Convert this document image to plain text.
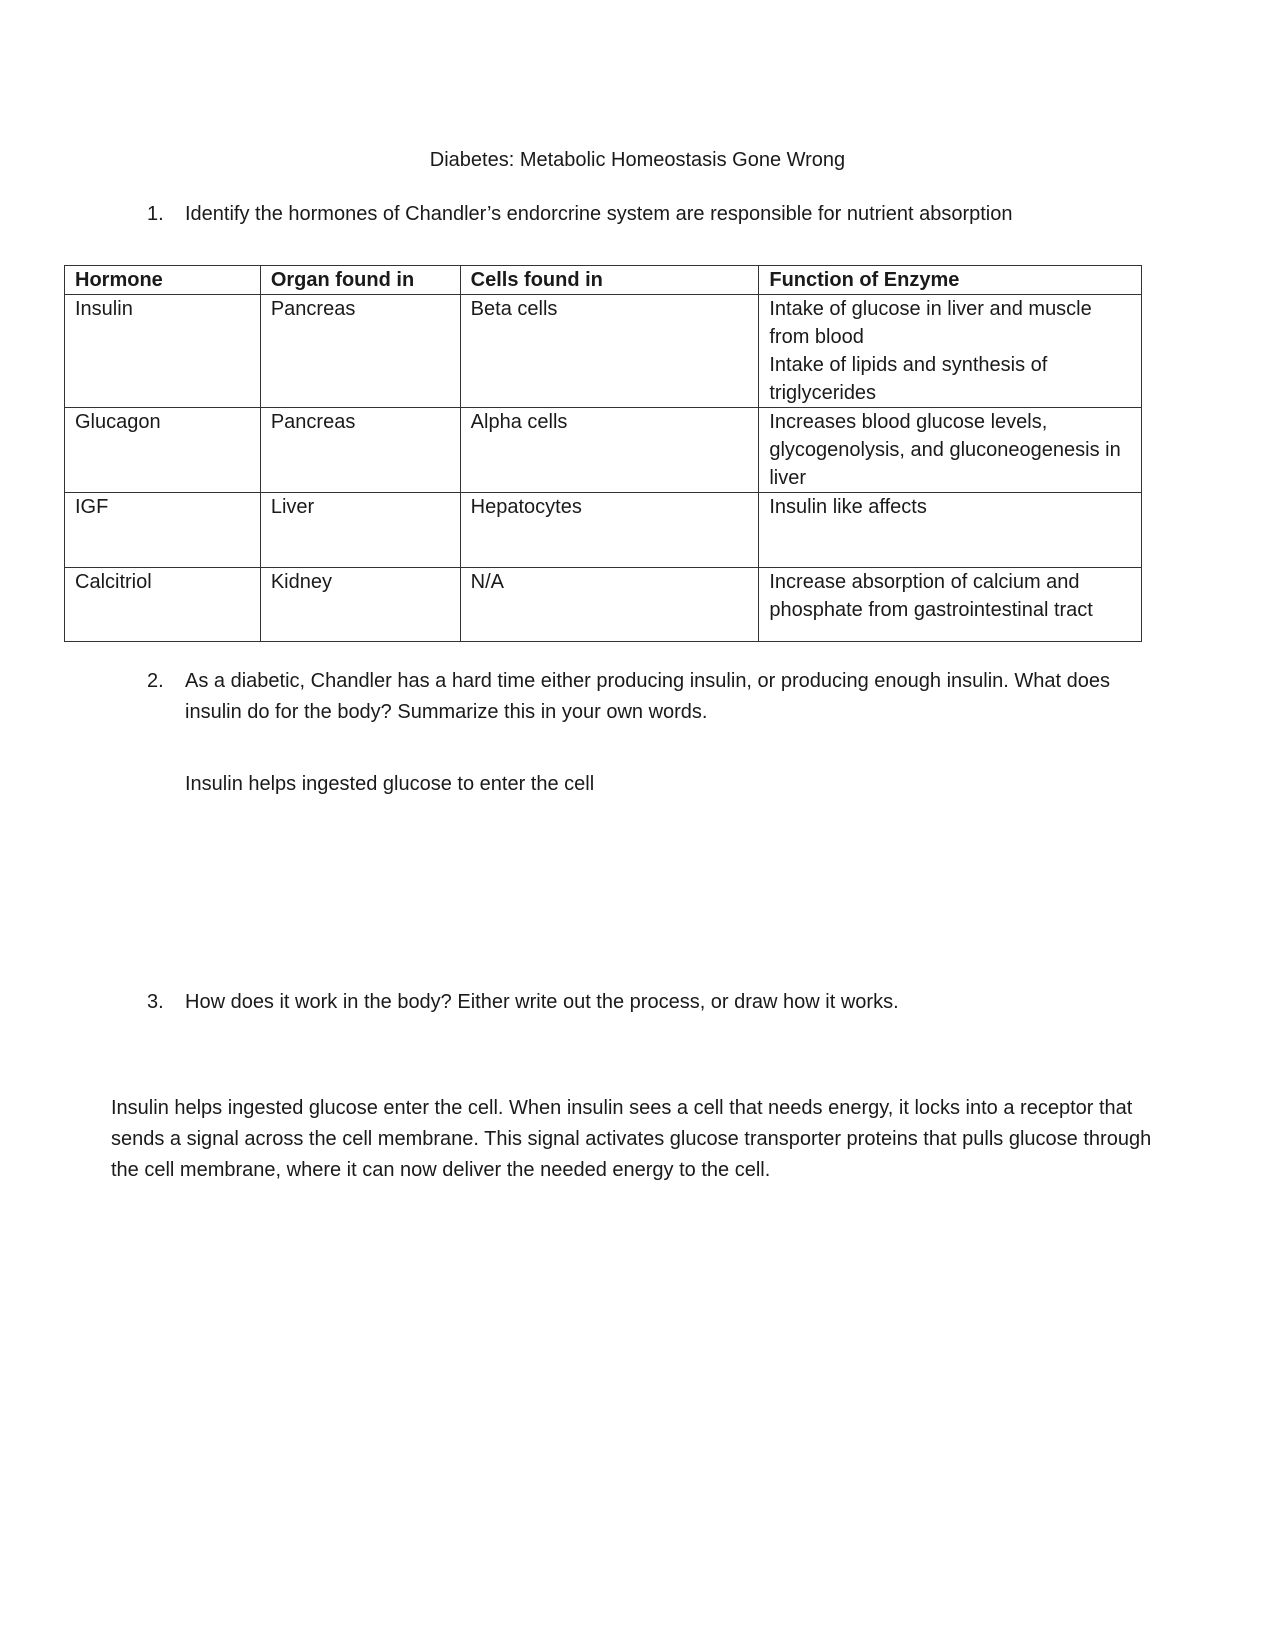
Diabetes: Metabolic Homeostasis Gone Wrong
1. Identify the hormones of Chandler’s endorcrine system are responsible for nutrient absorption
Hormone	Organ found in	Cells found in	Function of Enzyme
Insulin	Pancreas	Beta cells	Intake of glucose in liver and muscle from blood
Intake of lipids and synthesis of triglycerides

Glucagon	Pancreas	Alpha cells	Increases blood glucose levels, glycogenolysis, and gluconeogenesis in liver

IGF	Liver	Hepatocytes	Insulin like affects

Calcitriol	Kidney	N/A	Increase absorption of calcium and phosphate from gastrointestinal tract
2. As a diabetic, Chandler has a hard time either producing insulin, or producing enough insulin. What does insulin do for the body? Summarize this in your own words.
Insulin helps ingested glucose to enter the cell
3. How does it work in the body? Either write out the process, or draw how it works.
Insulin helps ingested glucose enter the cell. When insulin sees a cell that needs energy, it locks into a receptor that sends a signal across the cell membrane. This signal activates glucose transporter proteins that pulls glucose through the cell membrane, where it can now deliver the needed energy to the cell.
